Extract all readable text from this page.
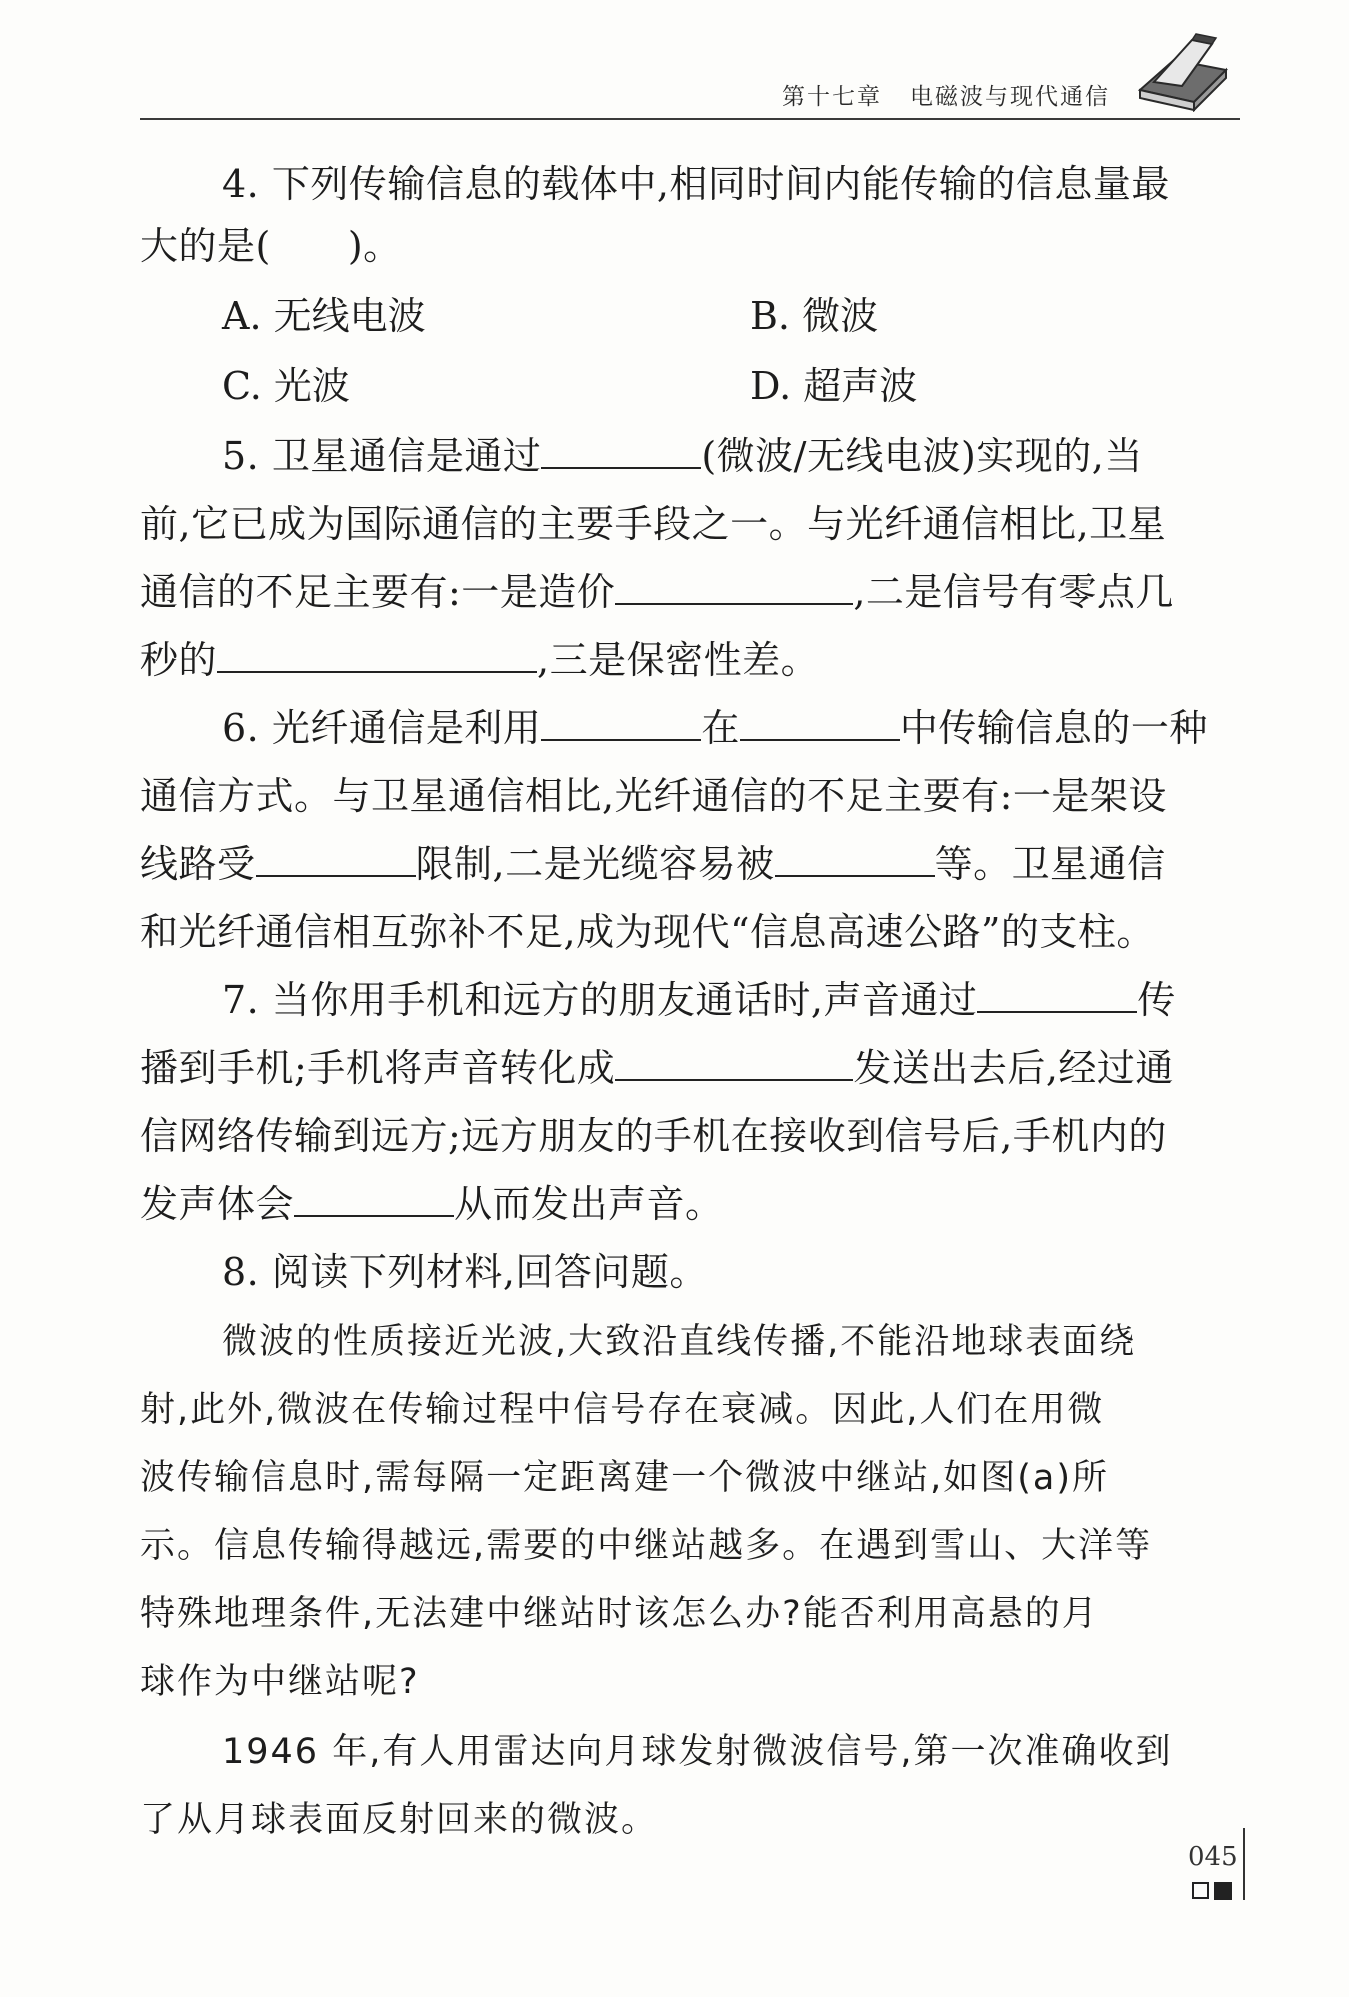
第十七章 电磁波与现代通信
4. 下列传输信息的载体中,相同时间内能传输的信息量最
大的是(　　)。
A. 无线电波	B. 微波
C. 光波	D. 超声波
5. 卫星通信是通过	(微波/无线电波)实现的,当
前,它已成为国际通信的主要手段之一。与光纤通信相比,卫星
通信的不足主要有:一是造价	,二是信号有零点几
秒的	,三是保密性差。
6. 光纤通信是利用	在	中传输信息的一种
通信方式。与卫星通信相比,光纤通信的不足主要有:一是架设
线路受	限制,二是光缆容易被	等。卫星通信
和光纤通信相互弥补不足,成为现代“信息高速公路”的支柱。
7. 当你用手机和远方的朋友通话时,声音通过	传
播到手机;手机将声音转化成	发送出去后,经过通
信网络传输到远方;远方朋友的手机在接收到信号后,手机内的
发声体会	从而发出声音。
8. 阅读下列材料,回答问题。
微波的性质接近光波,大致沿直线传播,不能沿地球表面绕
射,此外,微波在传输过程中信号存在衰减。因此,人们在用微
波传输信息时,需每隔一定距离建一个微波中继站,如图(a)所
示。信息传输得越远,需要的中继站越多。在遇到雪山、大洋等
特殊地理条件,无法建中继站时该怎么办?能否利用高悬的月
球作为中继站呢?
1946 年,有人用雷达向月球发射微波信号,第一次准确收到
了从月球表面反射回来的微波。
045
